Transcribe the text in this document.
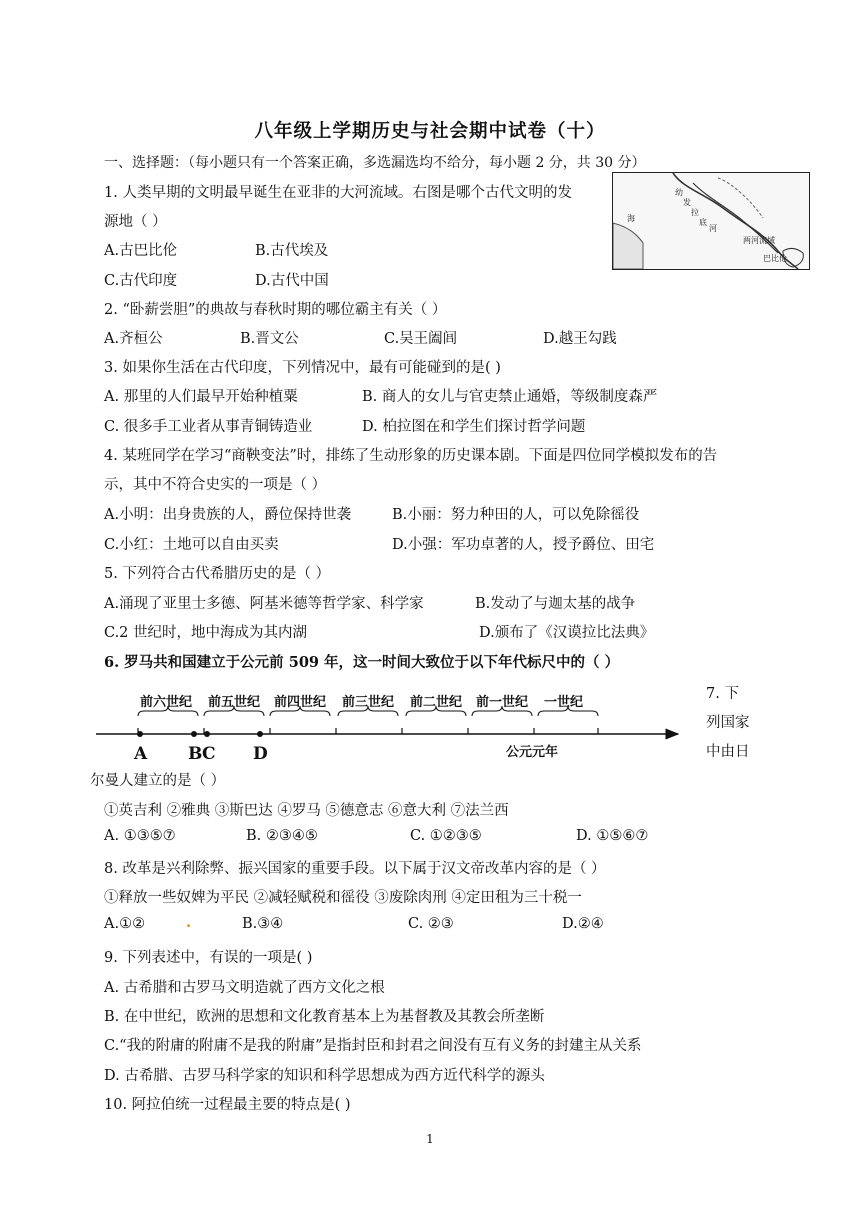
八年级上学期历史与社会期中试卷（十）
一、选择题：（每小题只有一个答案正确，多选漏选均不给分，每小题 2 分，共 30 分）
1. 人类早期的文明最早诞生在亚非的大河流域。右图是哪个古代文明的发
源地（ ）
A.古巴比伦	B.古代埃及
C.古代印度	D.古代中国
幼
发
拉
底
河
海
两河流域
巴比伦
2. “卧薪尝胆”的典故与春秋时期的哪位霸主有关（ ）
A.齐桓公	B.晋文公	C.吴王阖闾	D.越王勾践
3. 如果你生活在古代印度，下列情况中，最有可能碰到的是( )
A. 那里的人们最早开始种植粟	B. 商人的女儿与官吏禁止通婚，等级制度森严
C. 很多手工业者从事青铜铸造业	D. 柏拉图在和学生们探讨哲学问题
4. 某班同学在学习“商鞅变法”时，排练了生动形象的历史课本剧。下面是四位同学模拟发布的告
示，其中不符合史实的一项是（ ）
A.小明：出身贵族的人，爵位保持世袭	B.小丽：努力种田的人，可以免除徭役
C.小红：土地可以自由买卖	D.小强：军功卓著的人，授予爵位、田宅
5. 下列符合古代希腊历史的是（ ）
A.涌现了亚里士多德、阿基米德等哲学家、科学家	B.发动了与迦太基的战争
C.2 世纪时，地中海成为其内湖	D.颁布了《汉谟拉比法典》
6. 罗马共和国建立于公元前 509 年，这一时间大致位于以下年代标尺中的（ ）
前六世纪 前五世纪 前四世纪 前三世纪 前二世纪 前一世纪 一世纪
A B C D	公元元年
7. 下
列国家
中由日
尔曼人建立的是（ ）
①英吉利 ②雅典 ③斯巴达 ④罗马 ⑤德意志 ⑥意大利 ⑦法兰西
A. ①③⑤⑦	B. ②③④⑤	C. ①②③⑤	D. ①⑤⑥⑦
8. 改革是兴利除弊、振兴国家的重要手段。以下属于汉文帝改革内容的是（ ）
①释放一些奴婢为平民 ②减轻赋税和徭役 ③废除肉刑 ④定田租为三十税一
A.①②	.	B.③④	C. ②③	D.②④
9. 下列表述中，有误的一项是( )
A. 古希腊和古罗马文明造就了西方文化之根
B. 在中世纪，欧洲的思想和文化教育基本上为基督教及其教会所垄断
C.“我的附庸的附庸不是我的附庸”是指封臣和封君之间没有互有义务的封建主从关系
D. 古希腊、古罗马科学家的知识和科学思想成为西方近代科学的源头
10. 阿拉伯统一过程最主要的特点是( )
1
